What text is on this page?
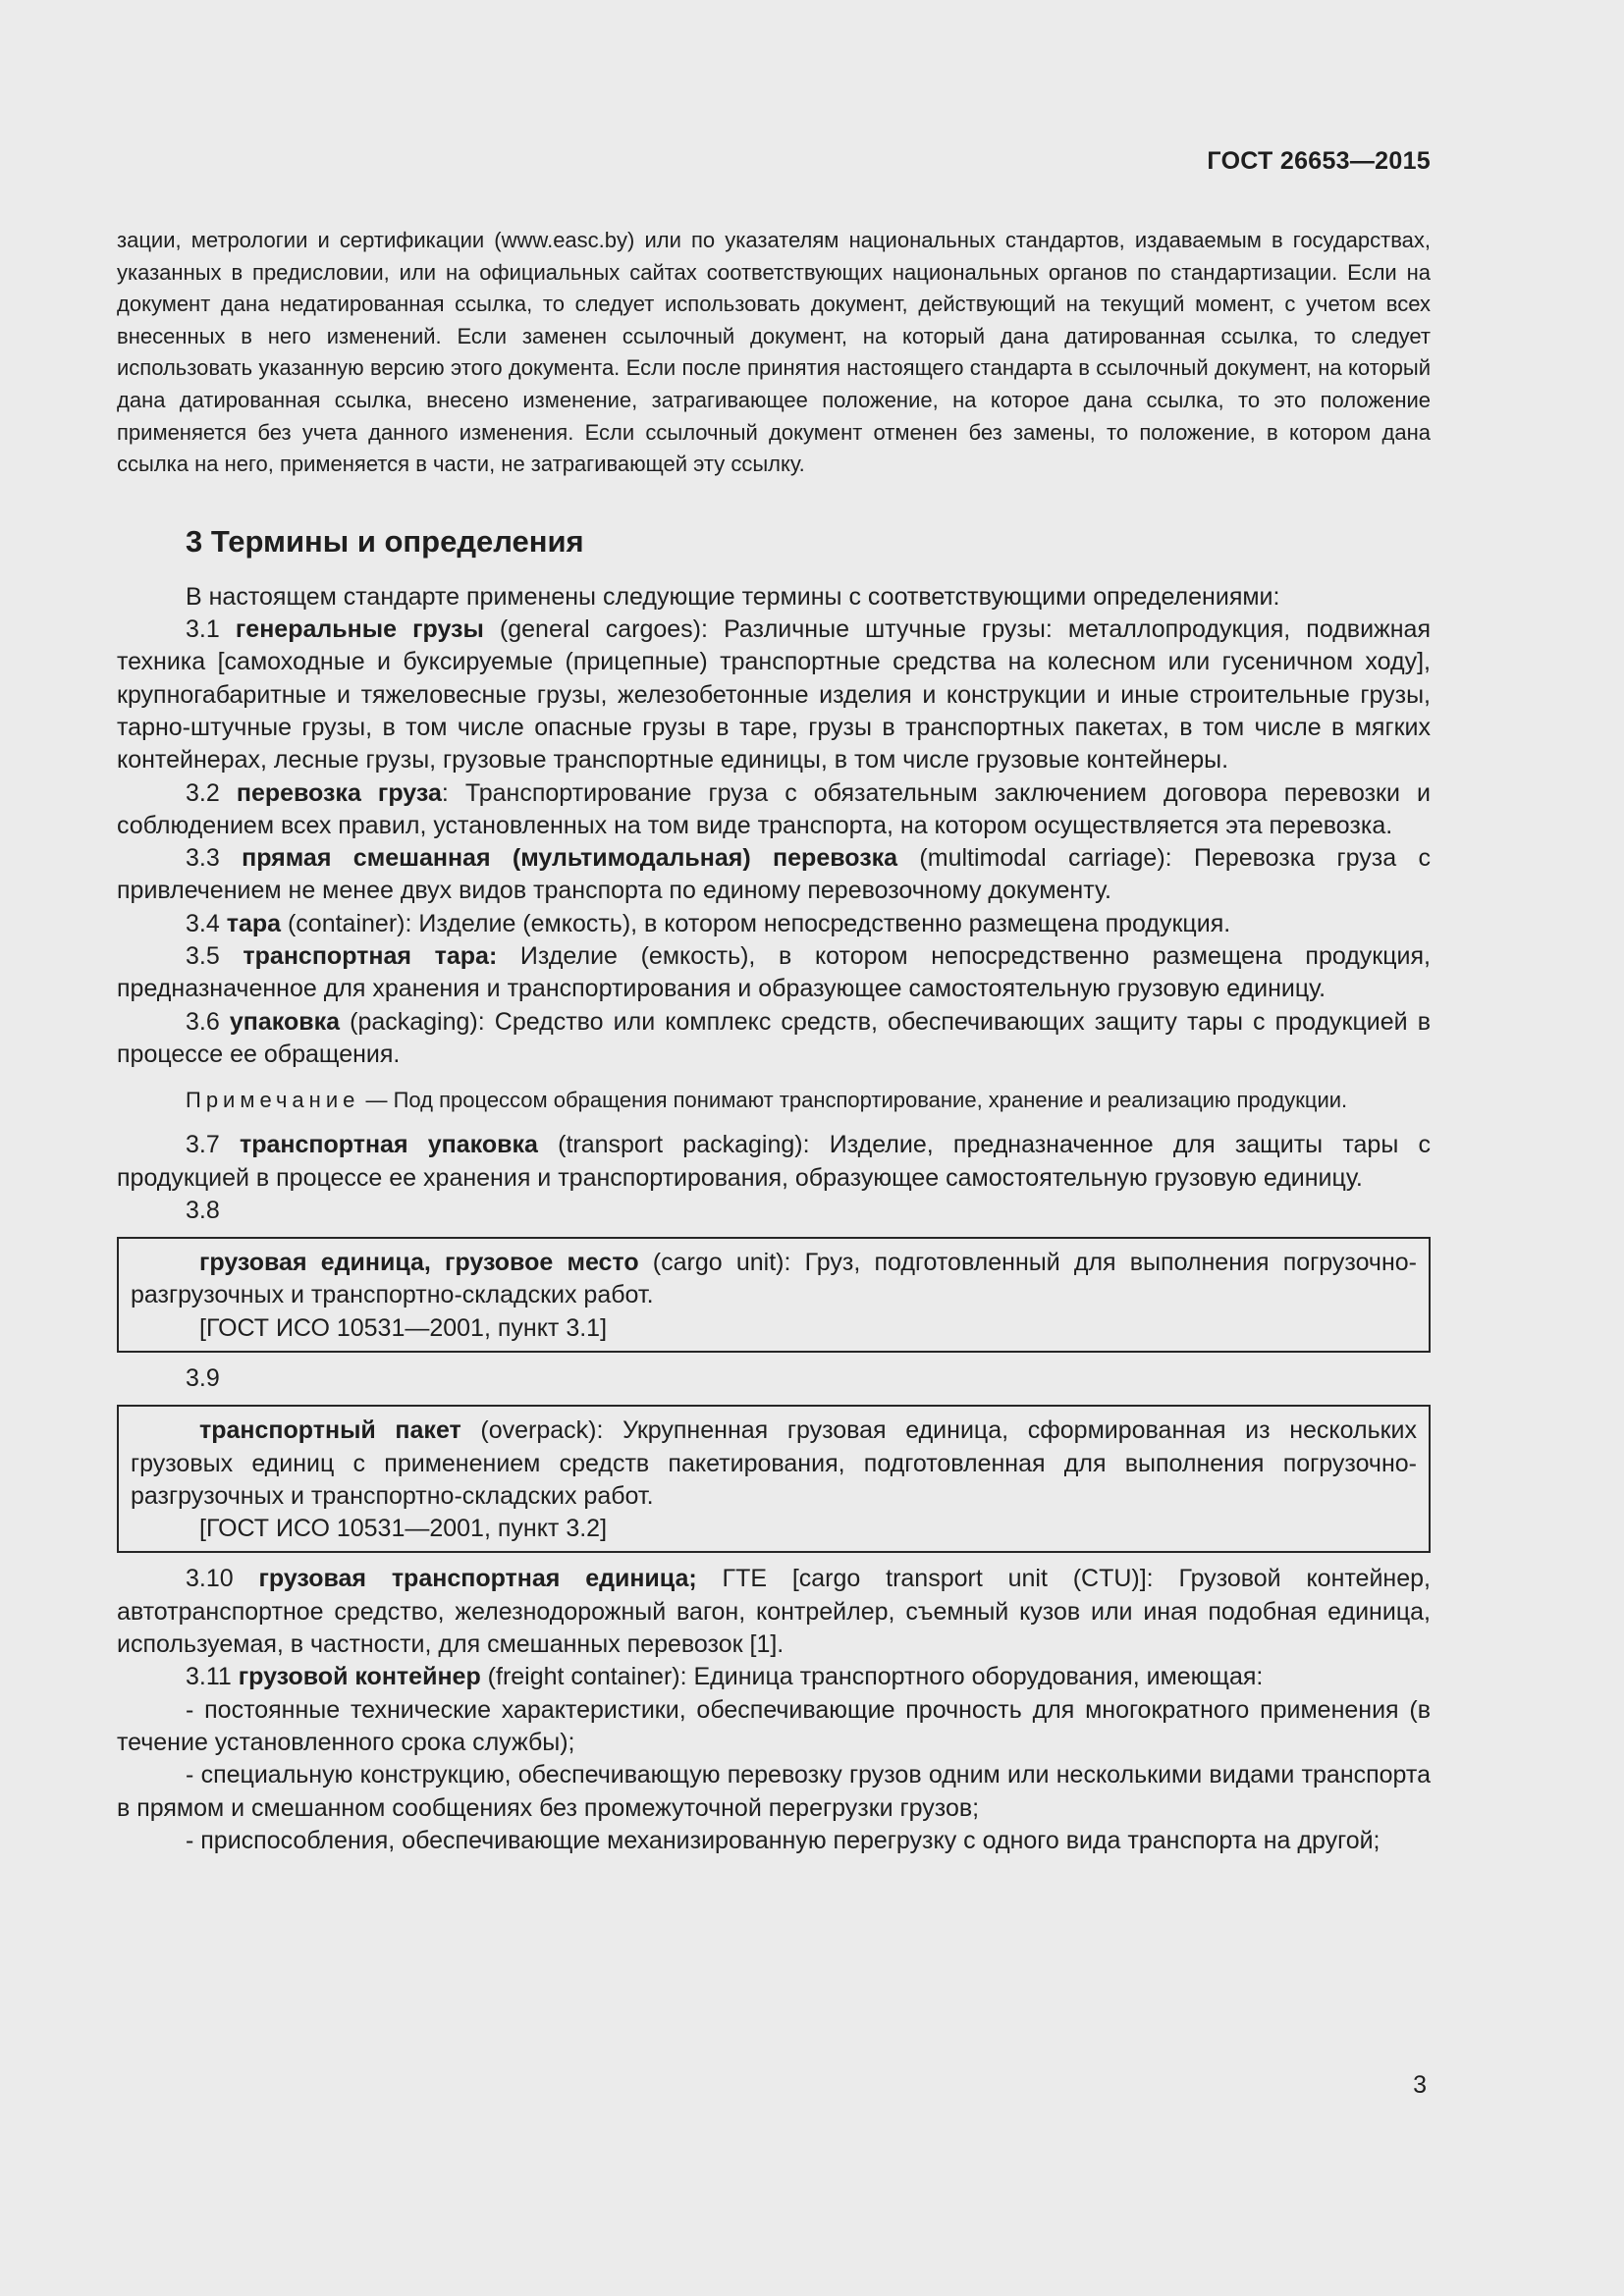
ГОСТ 26653—2015

зации, метрологии и сертификации (www.easc.by) или по указателям национальных стандартов, издаваемым в государствах, указанных в предисловии, или на официальных сайтах соответствующих национальных органов по стандартизации. Если на документ дана недатированная ссылка, то следует использовать документ, действующий на текущий момент, с учетом всех внесенных в него изменений. Если заменен ссылочный документ, на который дана датированная ссылка, то следует использовать указанную версию этого документа. Если после принятия настоящего стандарта в ссылочный документ, на который дана датированная ссылка, внесено изменение, затрагивающее положение, на которое дана ссылка, то это положение применяется без учета данного изменения. Если ссылочный документ отменен без замены, то положение, в котором дана ссылка на него, применяется в части, не затрагивающей эту ссылку.

3 Термины и определения

В настоящем стандарте применены следующие термины с соответствующими определениями:

3.1 генеральные грузы (general cargoes): Различные штучные грузы: металлопродукция, подвижная техника [самоходные и буксируемые (прицепные) транспортные средства на колесном или гусеничном ходу], крупногабаритные и тяжеловесные грузы, железобетонные изделия и конструкции и иные строительные грузы, тарно-штучные грузы, в том числе опасные грузы в таре, грузы в транспортных пакетах, в том числе в мягких контейнерах, лесные грузы, грузовые транспортные единицы, в том числе грузовые контейнеры.

3.2 перевозка груза: Транспортирование груза с обязательным заключением договора перевозки и соблюдением всех правил, установленных на том виде транспорта, на котором осуществляется эта перевозка.

3.3 прямая смешанная (мультимодальная) перевозка (multimodal carriage): Перевозка груза с привлечением не менее двух видов транспорта по единому перевозочному документу.

3.4 тара (container): Изделие (емкость), в котором непосредственно размещена продукция.

3.5 транспортная тара: Изделие (емкость), в котором непосредственно размещена продукция, предназначенное для хранения и транспортирования и образующее самостоятельную грузовую единицу.

3.6 упаковка (packaging): Средство или комплекс средств, обеспечивающих защиту тары с продукцией в процессе ее обращения.

Примечание — Под процессом обращения понимают транспортирование, хранение и реализацию продукции.

3.7 транспортная упаковка (transport packaging): Изделие, предназначенное для защиты тары с продукцией в процессе ее хранения и транспортирования, образующее самостоятельную грузовую единицу.

3.8

грузовая единица, грузовое место (cargo unit): Груз, подготовленный для выполнения погрузочно-разгрузочных и транспортно-складских работ.

[ГОСТ ИСО 10531—2001, пункт 3.1]

3.9

транспортный пакет (overpack): Укрупненная грузовая единица, сформированная из нескольких грузовых единиц с применением средств пакетирования, подготовленная для выполнения погрузочно-разгрузочных и транспортно-складских работ.

[ГОСТ ИСО 10531—2001, пункт 3.2]

3.10 грузовая транспортная единица; ГТЕ [cargo transport unit (CTU)]: Грузовой контейнер, автотранспортное средство, железнодорожный вагон, контрейлер, съемный кузов или иная подобная единица, используемая, в частности, для смешанных перевозок [1].

3.11 грузовой контейнер (freight container): Единица транспортного оборудования, имеющая:

- постоянные технические характеристики, обеспечивающие прочность для многократного применения (в течение установленного срока службы);

- специальную конструкцию, обеспечивающую перевозку грузов одним или несколькими видами транспорта в прямом и смешанном сообщениях без промежуточной перегрузки грузов;

- приспособления, обеспечивающие механизированную перегрузку с одного вида транспорта на другой;

3
